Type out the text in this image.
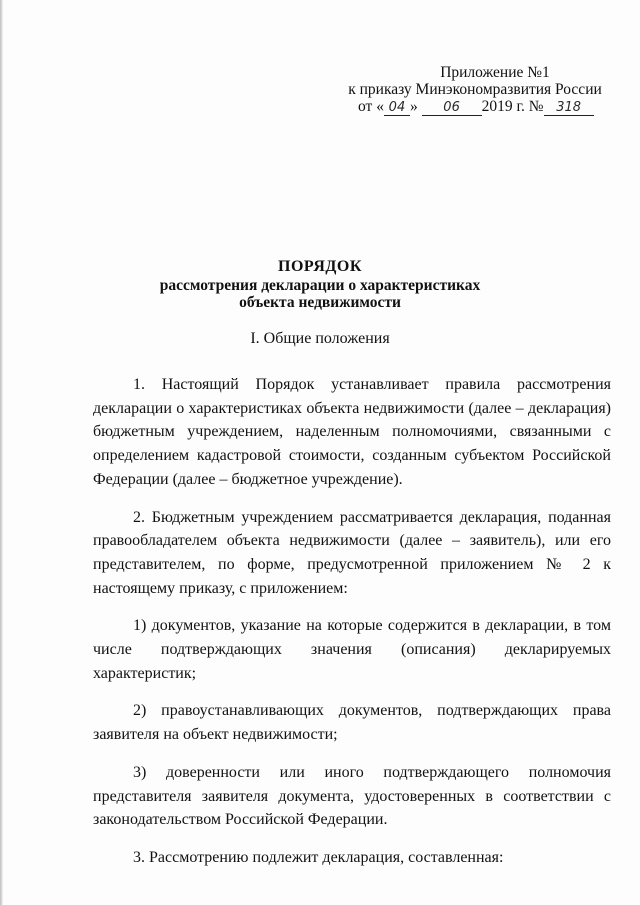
Приложение №1
к приказу Минэкономразвития России
от « 04 » 06 2019 г. № 318
ПОРЯДОК
рассмотрения декларации о характеристиках
объекта недвижимости
I. Общие положения

1. Настоящий Порядок устанавливает правила рассмотрения декларации о характеристиках объекта недвижимости (далее – декларация) бюджетным учреждением, наделенным полномочиями, связанными с определением кадастровой стоимости, созданным субъектом Российской Федерации (далее – бюджетное учреждение).

2. Бюджетным учреждением рассматривается декларация, поданная правообладателем объекта недвижимости (далее – заявитель), или его представителем, по форме, предусмотренной приложением № 2 к настоящему приказу, с приложением:

1) документов, указание на которые содержится в декларации, в том числе подтверждающих значения (описания) декларируемых характеристик;

2) правоустанавливающих документов, подтверждающих права заявителя на объект недвижимости;

3) доверенности или иного подтверждающего полномочия представителя заявителя документа, удостоверенных в соответствии с законодательством Российской Федерации.

3. Рассмотрению подлежит декларация, составленная:
